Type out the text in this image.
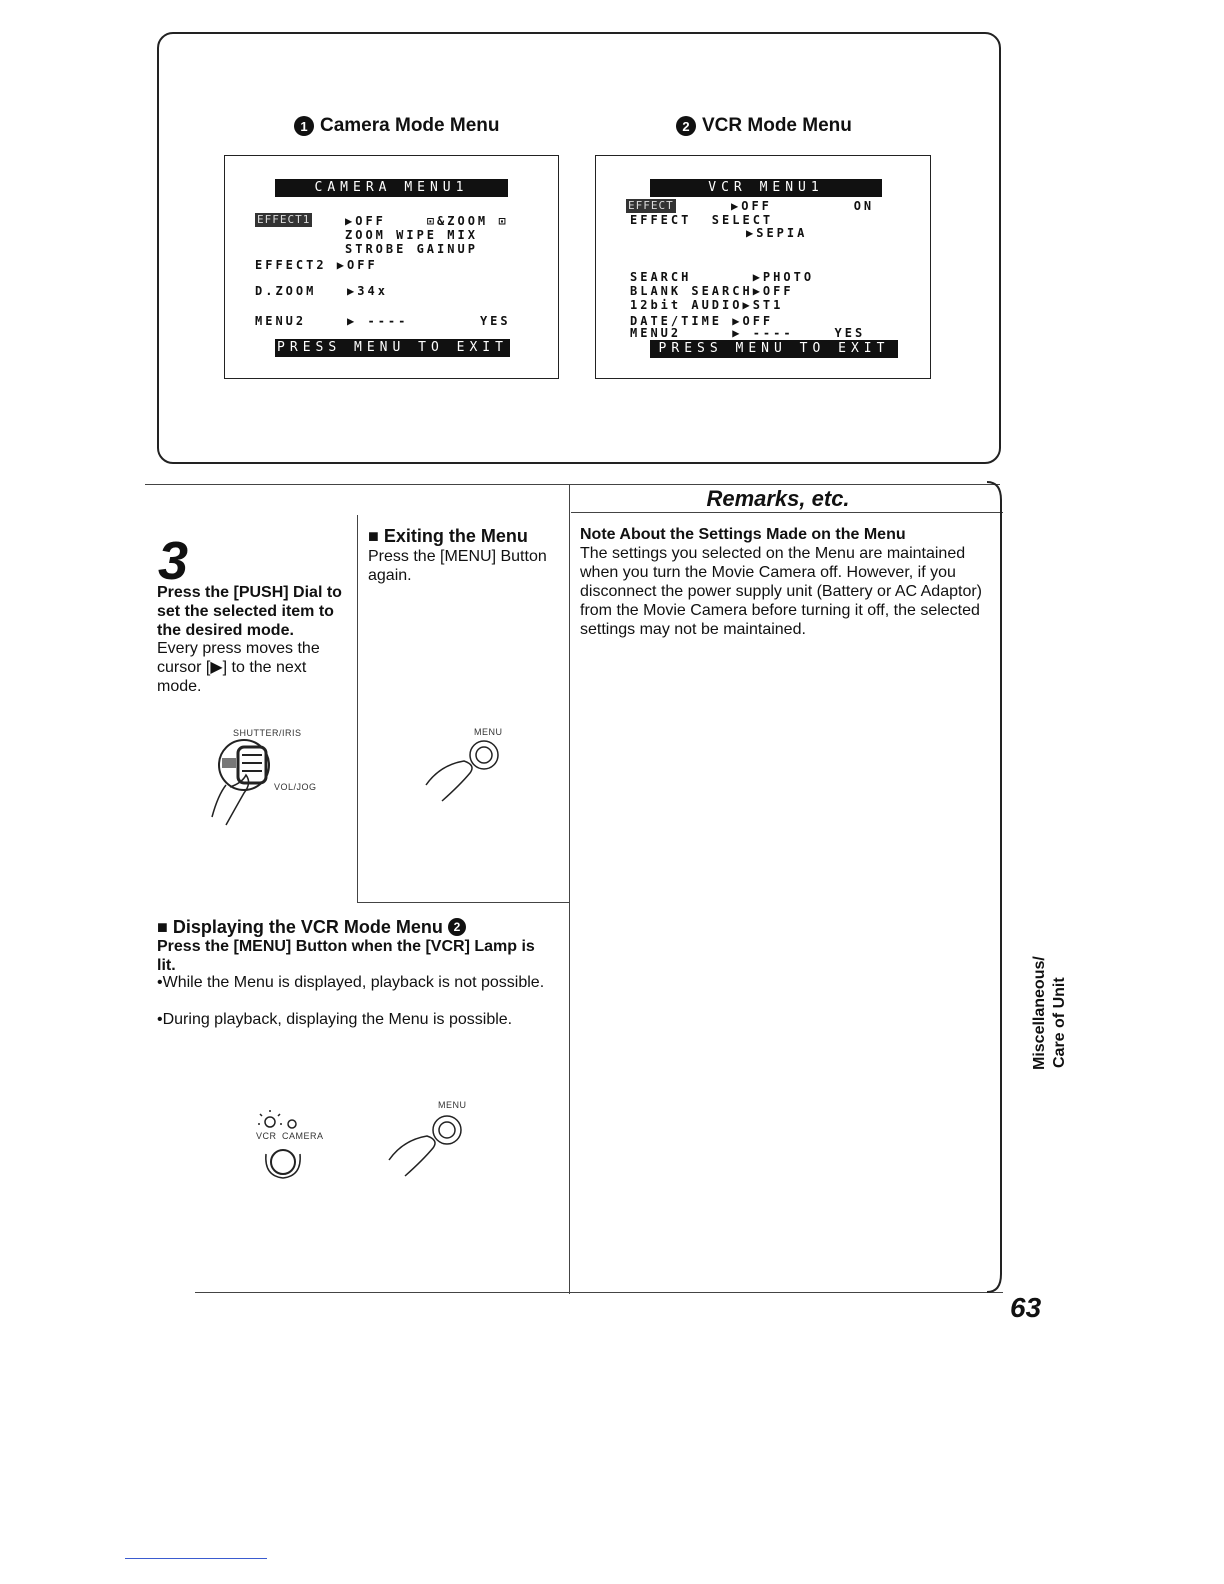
1 Camera Mode Menu
CAMERA MENU1
EFFECT1	▶OFF    ⊡&ZOOM ⊡
ZOOM WIPE MIX
STROBE GAINUP
EFFECT2 ▶OFF
D.ZOOM   ▶34x
MENU2    ▶ ----       YES
PRESS MENU TO EXIT
2 VCR Mode Menu
VCR MENU1
EFFECT	▶OFF        ON
EFFECT  SELECT
▶SEPIA
SEARCH      ▶PHOTO
BLANK SEARCH▶OFF
12bit AUDIO▶ST1
DATE/TIME ▶OFF
MENU2     ▶ ----    YES
PRESS MENU TO EXIT
3
Press the [PUSH] Dial to set the selected item to the desired mode.
Every press moves the cursor [▶] to the next mode.
SHUTTER/IRIS
VOL/JOG
■ Exiting the Menu
Press the [MENU] Button again.
MENU
■ Displaying the VCR Mode Menu 2
Press the [MENU] Button when the [VCR] Lamp is lit.
•While the Menu is displayed, playback is not possible.
•During playback, displaying the Menu is possible.
VCR CAMERA
MENU
Remarks, etc.
Note About the Settings Made on the Menu
The settings you selected on the Menu are maintained when you turn the Movie Camera off. However, if you disconnect the power supply unit (Battery or AC Adaptor) from the Movie Camera before turning it off, the selected settings may not be maintained.
Miscellaneous/ Care of Unit
63
